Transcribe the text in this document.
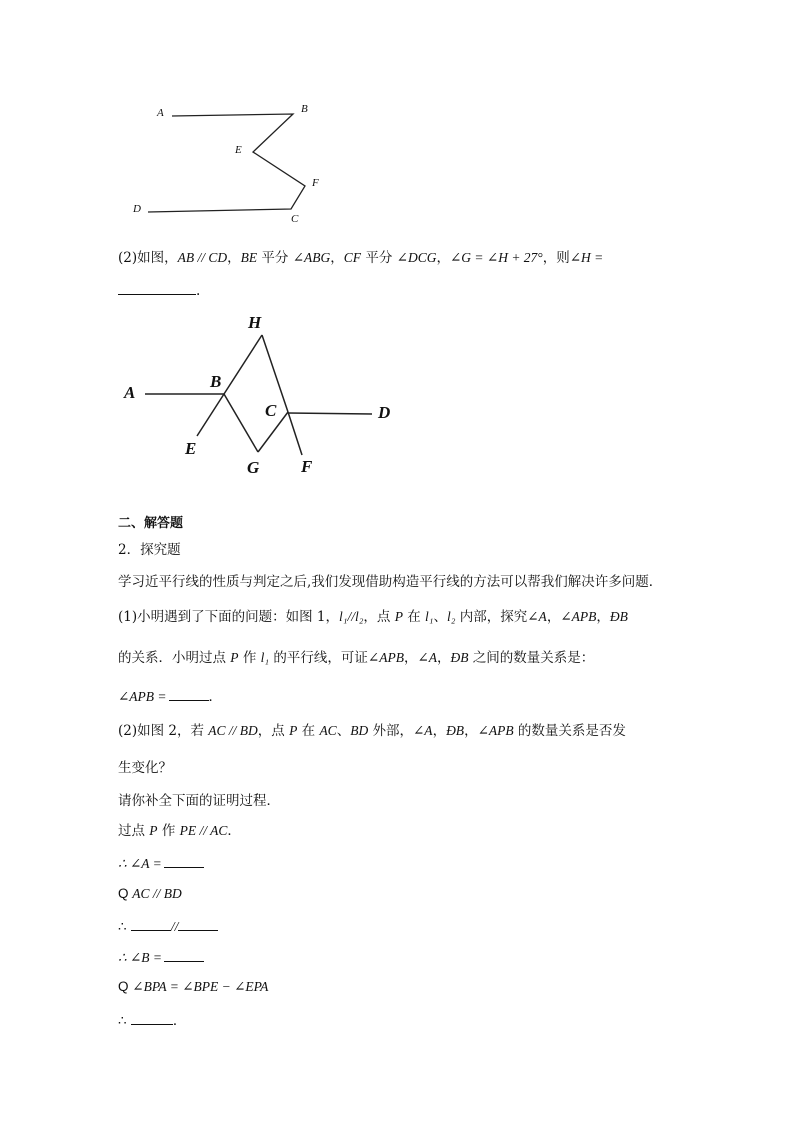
A	B
E
F
D
C
(2)如图，AB // CD，BE 平分 ∠ABG，CF 平分 ∠DCG，∠G = ∠H + 27°，则∠H =
.
H
A
B
C	D
E
G F
二、解答题
2．探究题
学习近平行线的性质与判定之后,我们发现借助构造平行线的方法可以帮我们解决许多问题．
(1)小明遇到了下面的问题：如图 1，l₁//l₂，点 P 在 l₁、l₂ 内部，探究∠A，∠APB，ÐB
的关系．小明过点 P 作 l₁ 的平行线，可证∠APB，∠A，ÐB 之间的数量关系是：
∠APB =	．
(2)如图 2，若 AC // BD，点 P 在 AC、BD 外部，∠A，ÐB，∠APB 的数量关系是否发
生变化？
请你补全下面的证明过程．
过点 P 作 PE // AC．
∴ ∠A =
Q AC // BD
∴	//
∴ ∠B =
Q ∠BPA = ∠BPE − ∠EPA
∴	．
